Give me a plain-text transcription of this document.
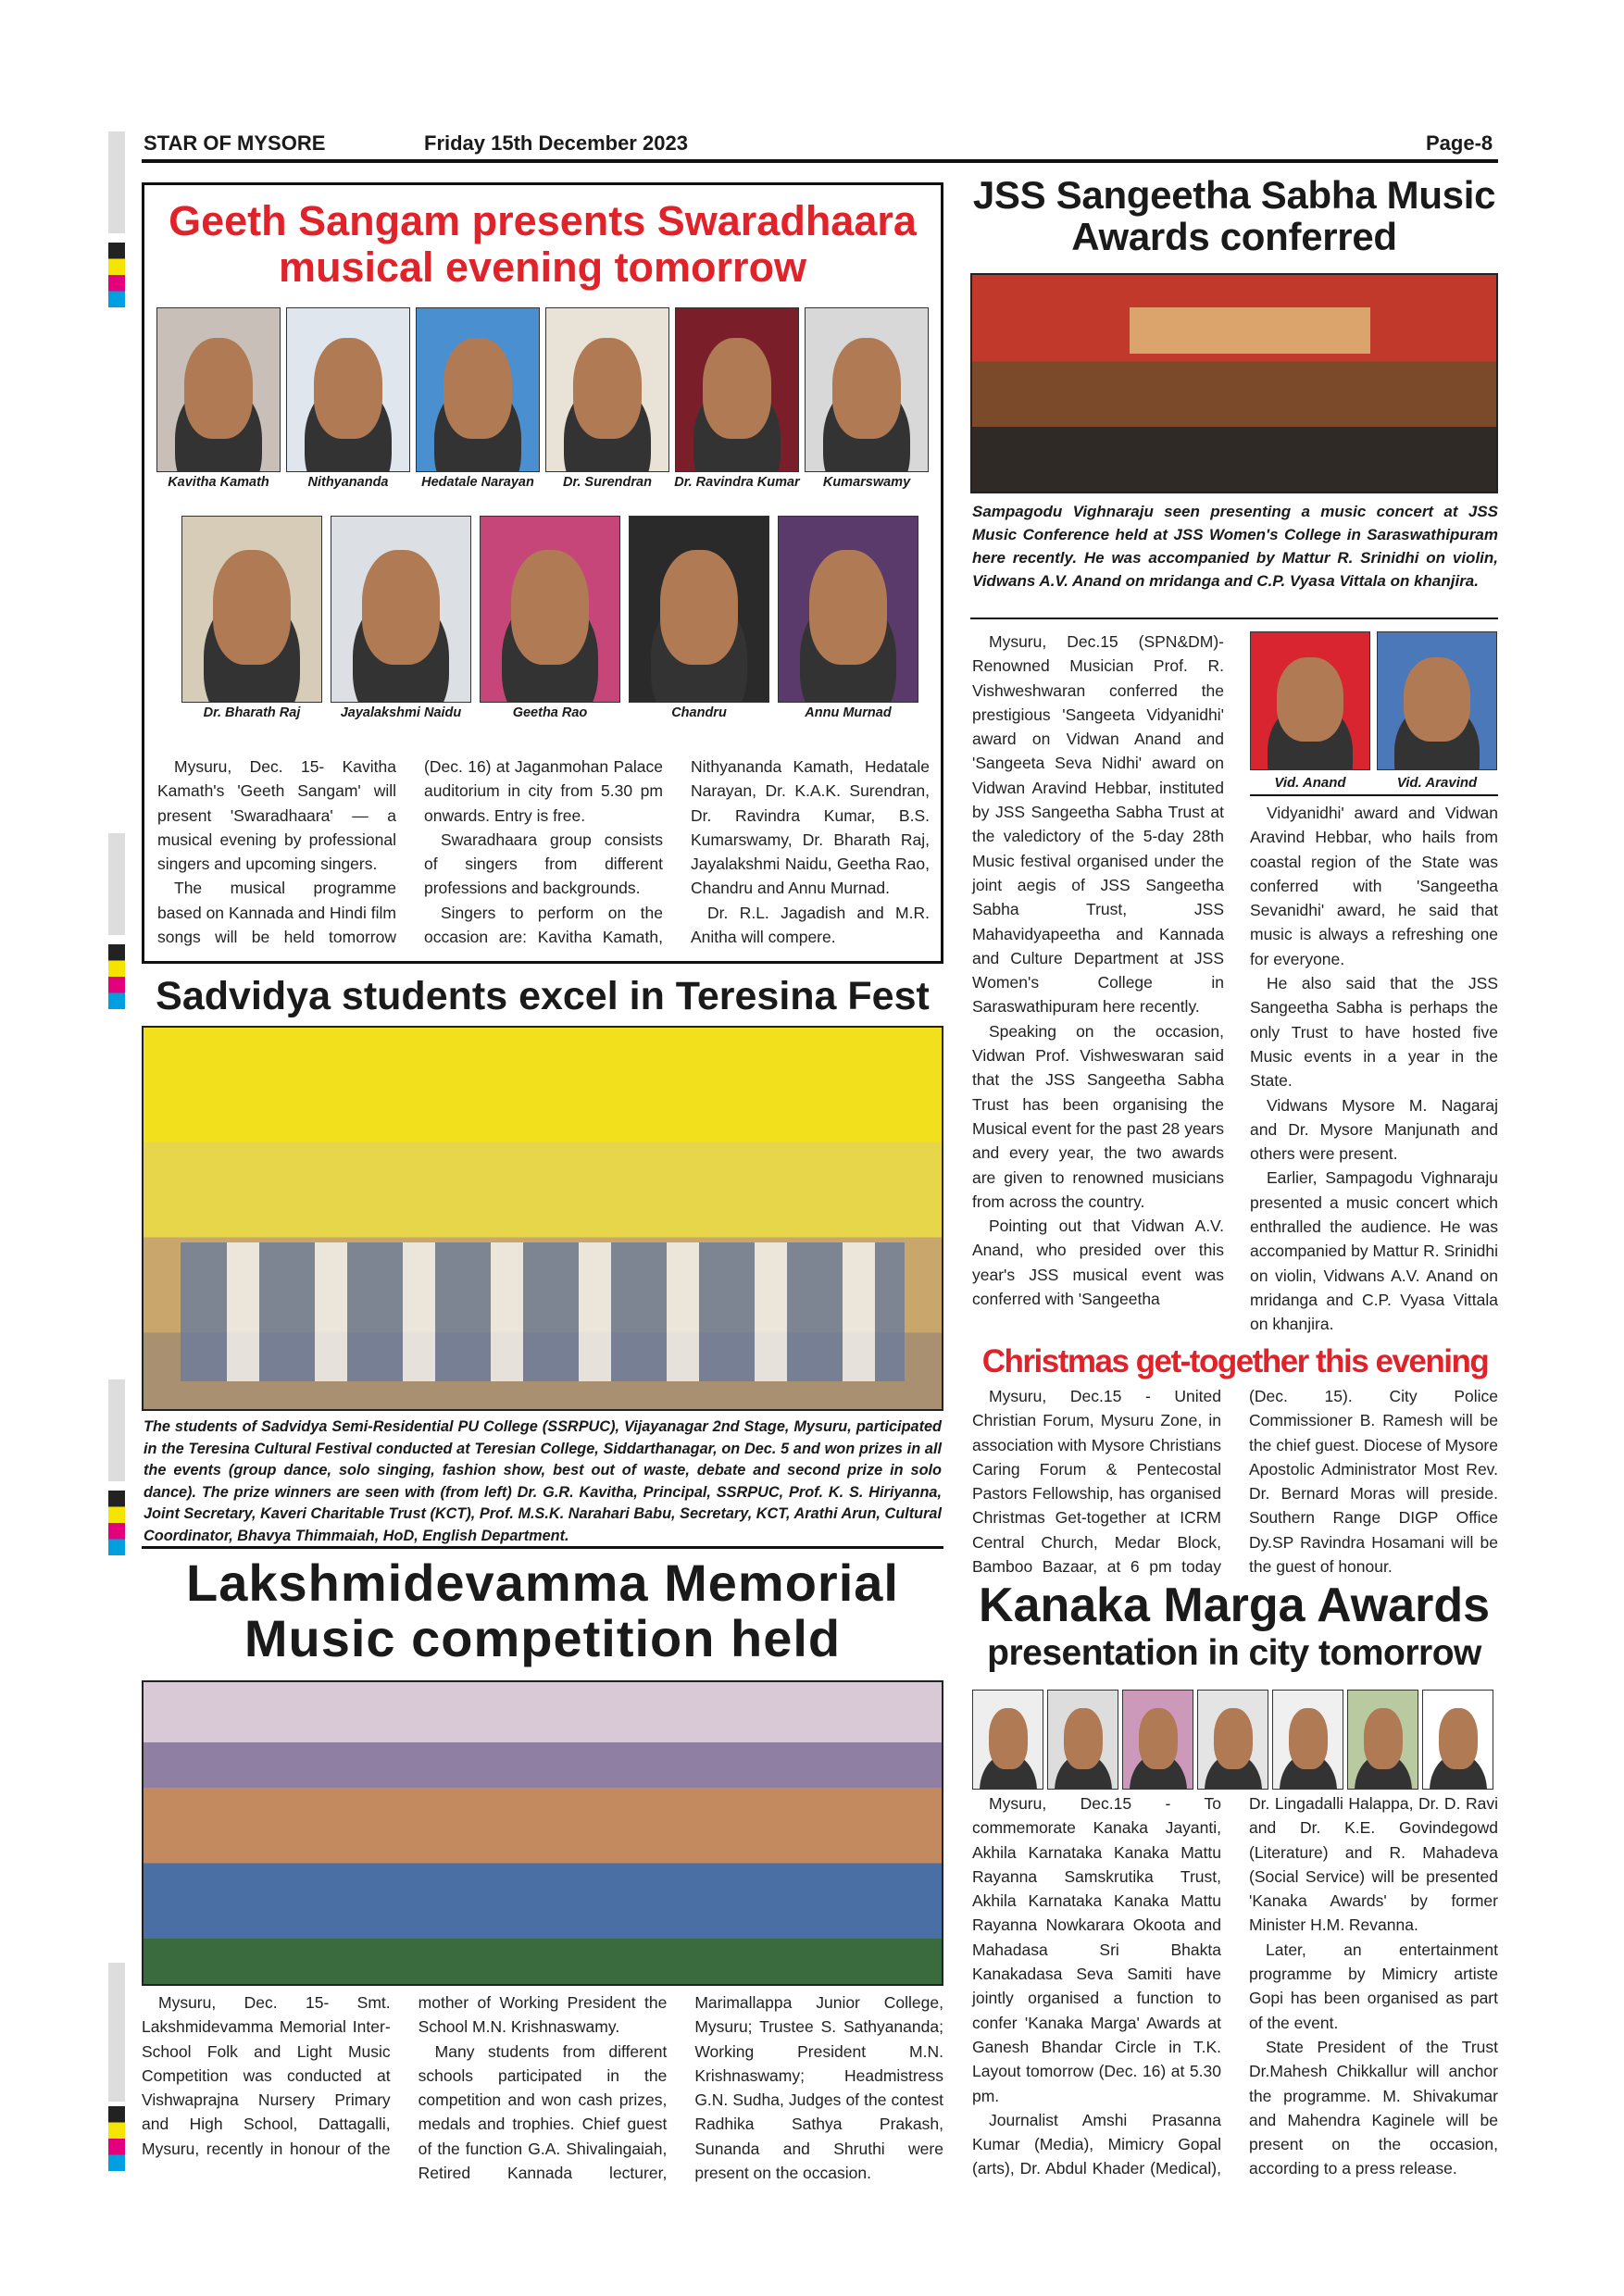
STAR OF MYSORE	Friday 15th December 2023	Page-8
Geeth Sangam presents Swaradhaara
musical evening tomorrow

Mysuru, Dec. 15- Kavitha Kamath's 'Geeth Sangam' will present 'Swaradhaara' — a musical evening by professional singers and upcoming singers.

The musical programme based on Kannada and Hindi film songs will be held tomorrow (Dec. 16) at Jaganmohan Palace auditorium in city from 5.30 pm onwards. Entry is free.

Swaradhaara group consists of singers from different professions and backgrounds.

Singers to perform on the occasion are: Kavitha Kamath, Nithyananda Kamath, Hedatale Narayan, Dr. K.A.K. Surendran, Dr. Ravindra Kumar, B.S. Kumarswamy, Dr. Bharath Raj, Jayalakshmi Naidu, Geetha Rao, Chandru and Annu Murnad.

Dr. R.L. Jagadish and M.R. Anitha will compere.

Kavitha Kamath	Nithyananda	Hedatale Narayan	Dr. Surendran	Dr. Ravindra Kumar	Kumarswamy
Dr. Bharath Raj	Jayalakshmi Naidu	Geetha Rao	Chandru	Annu Murnad
Sadvidya students excel in Teresina Fest
The students of Sadvidya Semi-Residential PU College (SSRPUC), Vijayanagar 2nd Stage, Mysuru, participated in the Teresina Cultural Festival conducted at Teresian College, Siddarthanagar, on Dec. 5 and won prizes in all the events (group dance, solo singing, fashion show, best out of waste, debate and second prize in solo dance). The prize winners are seen with (from left) Dr. G.R. Kavitha, Principal, SSRPUC, Prof. K. S. Hiriyanna, Joint Secretary, Kaveri Charitable Trust (KCT), Prof. M.S.K. Narahari Babu, Secretary, KCT, Arathi Arun, Cultural Coordinator, Bhavya Thimmaiah, HoD, English Department.
Lakshmidevamma Memorial
Music competition held

Mysuru, Dec. 15- Smt. Lakshmidevamma Memorial Inter-School Folk and Light Music Competition was conducted at Vishwaprajna Nursery Primary and High School, Dattagalli, Mysuru, recently in honour of the mother of Working President the School M.N. Krishnaswamy.

Many students from different schools participated in the competition and won cash prizes, medals and trophies. Chief guest of the function G.A. Shivalingaiah, Retired Kannada lecturer, Marimallappa Junior College, Mysuru; Trustee S. Sathyananda; Working President M.N. Krishnaswamy; Headmistress G.N. Sudha, Judges of the contest Radhika Sathya Prakash, Sunanda and Shruthi were present on the occasion.

JSS Sangeetha Sabha Music
Awards conferred
Sampagodu Vighnaraju seen presenting a music concert at JSS Music Conference held at JSS Women's College in Saraswathipuram here recently. He was accompanied by Mattur R. Srinidhi on violin, Vidwans A.V. Anand on mridanga and C.P. Vyasa Vittala on khanjira.

Mysuru, Dec.15 (SPN&DM)- Renowned Musician Prof. R. Vishweshwaran conferred the prestigious 'Sangeeta Vidyanidhi' award on Vidwan Anand and 'Sangeeta Seva Nidhi' award on Vidwan Aravind Hebbar, instituted by JSS Sangeetha Sabha Trust at the valedictory of the 5-day 28th Music festival organised under the joint aegis of JSS Sangeetha Sabha Trust, JSS Mahavidyapeetha and Kannada and Culture Department at JSS Women's College in Saraswathipuram here recently.

Speaking on the occasion, Vidwan Prof. Vishweswaran said that the JSS Sangeetha Sabha Trust has been organising the Musical event for the past 28 years and every year, the two awards are given to renowned musicians from across the country.

Pointing out that Vidwan A.V. Anand, who presided over this year's JSS musical event was conferred with 'Sangeetha

Vid. Anand	Vid. Aravind

Vidyanidhi' award and Vidwan Aravind Hebbar, who hails from coastal region of the State was conferred with 'Sangeetha Sevanidhi' award, he said that music is always a refreshing one for everyone.

He also said that the JSS Sangeetha Sabha is perhaps the only Trust to have hosted five Music events in a year in the State.

Vidwans Mysore M. Nagaraj and Dr. Mysore Manjunath and others were present.

Earlier, Sampagodu Vighnaraju presented a music concert which enthralled the audience. He was accompanied by Mattur R. Srinidhi on violin, Vidwans A.V. Anand on mridanga and C.P. Vyasa Vittala on khanjira.

Christmas get-together this evening

Mysuru, Dec.15 - United Christian Forum, Mysuru Zone, in association with Mysore Christians Caring Forum & Pentecostal Pastors Fellowship, has organised Christmas Get-together at ICRM Central Church, Medar Block, Bamboo Bazaar, at 6 pm today (Dec. 15). City Police Commissioner B. Ramesh will be the chief guest. Diocese of Mysore Apostolic Administrator Most Rev. Dr. Bernard Moras will preside. Southern Range DIGP Office Dy.SP Ravindra Hosamani will be the guest of honour.

Kanaka Marga Awards
presentation in city tomorrow

Mysuru, Dec.15 - To commemorate Kanaka Jayanti, Akhila Karnataka Kanaka Mattu Rayanna Samskrutika Trust, Akhila Karnataka Kanaka Mattu Rayanna Nowkarara Okoota and Mahadasa Sri Bhakta Kanakadasa Seva Samiti have jointly organised a function to confer 'Kanaka Marga' Awards at Ganesh Bhandar Circle in T.K. Layout tomorrow (Dec. 16) at 5.30 pm.

Journalist Amshi Prasanna Kumar (Media), Mimicry Gopal (arts), Dr. Abdul Khader (Medical), Dr. Lingadalli Halappa, Dr. D. Ravi and Dr. K.E. Govindegowd (Literature) and R. Mahadeva (Social Service) will be presented 'Kanaka Awards' by former Minister H.M. Revanna.

Later, an entertainment programme by Mimicry artiste Gopi has been organised as part of the event.

State President of the Trust Dr.Mahesh Chikkallur will anchor the programme. M. Shivakumar and Mahendra Kaginele will be present on the occasion, according to a press release.
